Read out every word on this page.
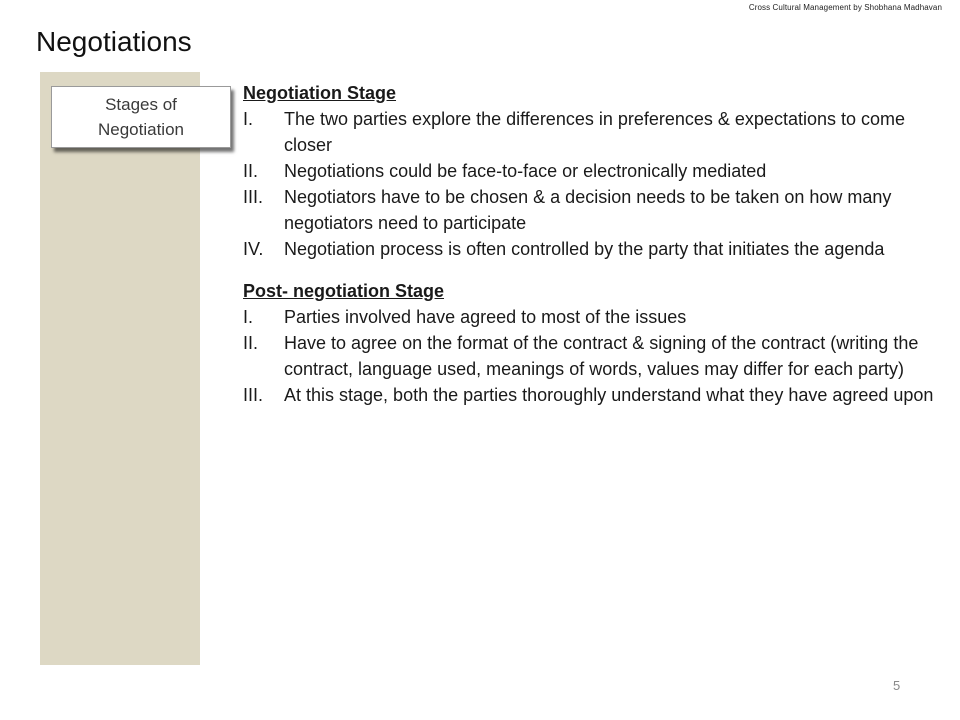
Cross Cultural Management by Shobhana Madhavan
Negotiations
Stages of Negotiation

Negotiation Stage

I.	The two parties explore the differences in preferences & expectations to come closer
II.	Negotiations could be face-to-face or electronically mediated
III.	Negotiators have to be chosen & a decision needs to be taken on how many negotiators need to participate
IV.	Negotiation process is often controlled by the party that initiates the agenda

Post- negotiation Stage

I.	Parties involved have agreed to most of the issues
II.	Have to agree on the format of the contract & signing of the contract (writing the contract, language used, meanings of words, values may differ for each party)
III.	At this stage, both the parties thoroughly understand what they have agreed upon
5
